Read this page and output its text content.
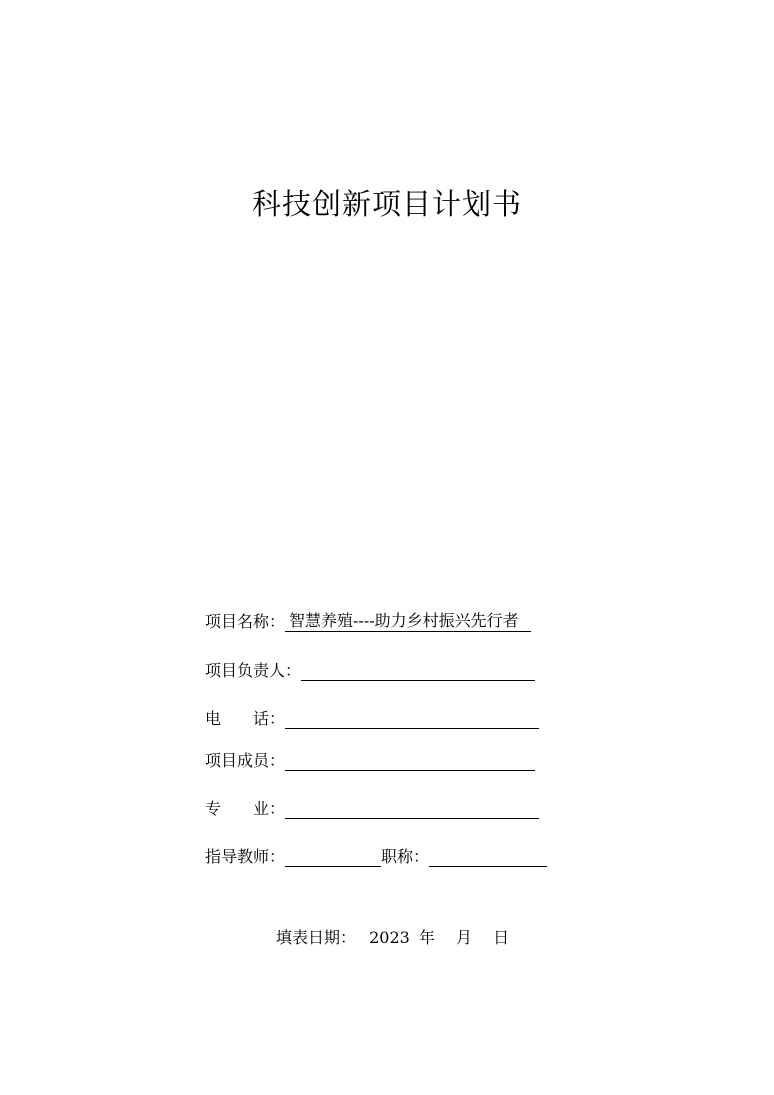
科技创新项目计划书
项目名称： 智慧养殖----助力乡村振兴先行者
项目负责人：
电　　话：
项目成员：
专　　业：
指导教师：	职称：
填表日期： 2023 年 月 日
